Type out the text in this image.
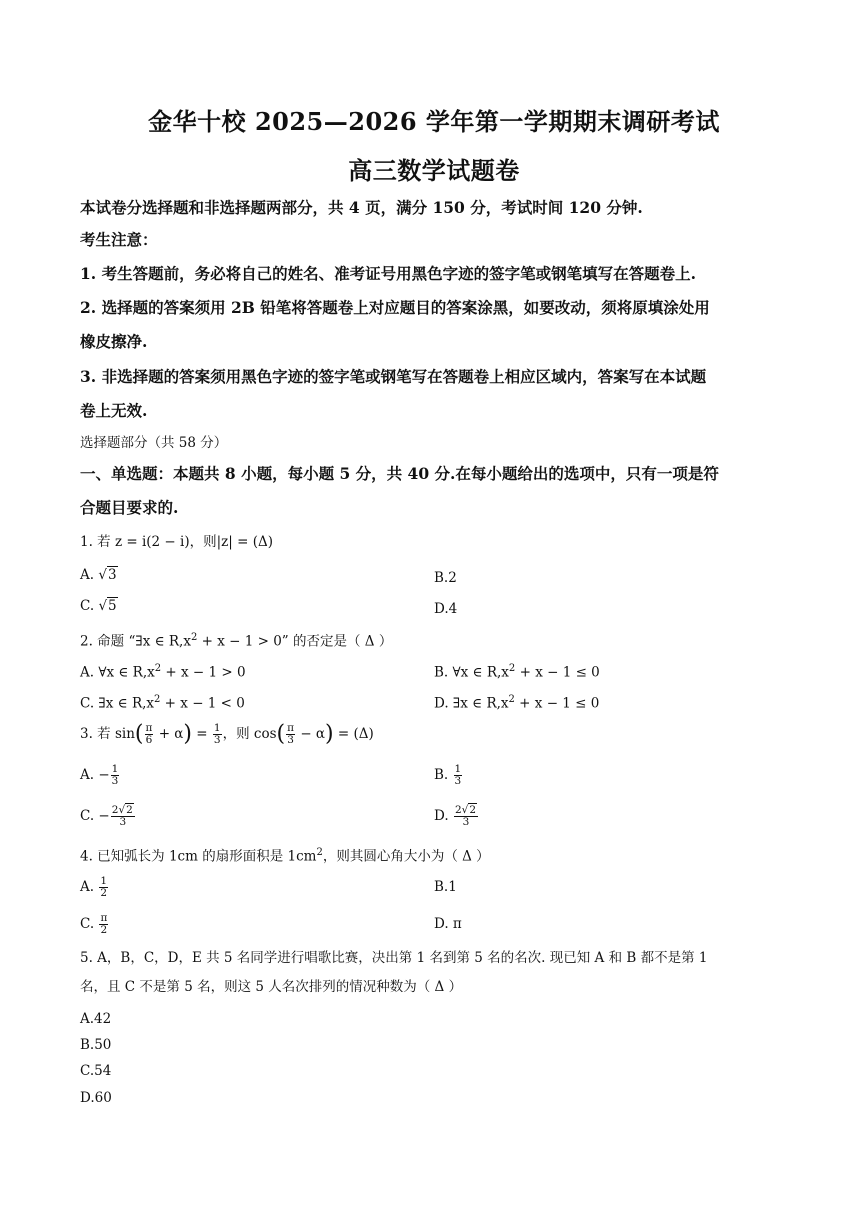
金华十校 2025—2026 学年第一学期期末调研考试
高三数学试题卷
本试卷分选择题和非选择题两部分，共 4 页，满分 150 分，考试时间 120 分钟.
考生注意：
1. 考生答题前，务必将自己的姓名、准考证号用黑色字迹的签字笔或钢笔填写在答题卷上.
2. 选择题的答案须用 2B 铅笔将答题卷上对应题目的答案涂黑，如要改动，须将原填涂处用
橡皮擦净.
3. 非选择题的答案须用黑色字迹的签字笔或钢笔写在答题卷上相应区域内，答案写在本试题
卷上无效.
选择题部分（共 58 分）
一、单选题：本题共 8 小题，每小题 5 分，共 40 分.在每小题给出的选项中，只有一项是符
合题目要求的.
1. 若 z = i(2 − i)，则|z| = (Δ)
A. √3	B.2
C. √5	D.4
2. 命题 “∃x ∈ $R,x^2 + x - 1 > 0$” 的否定是（ Δ ）
A. ∀x ∈ $R,x^2 + x - 1 > 0$	B. ∀x ∈ $R,x^2 + x - 1 \le 0$
C. ∃x ∈ $R,x^2 + x - 1 < 0$	D. ∃x ∈ $R,x^2 + x - 1 \le 0$
3. 若 $\sin( \frac{\pi}{6} + \alpha) = \frac{1}{3}$ ，则 $\cos( \frac{\pi}{3} - \alpha) = (\Delta)$
A. − $\frac{1}{3}$	B. $\frac{1}{3}$
C. − $\frac{2√2}{3}$	D. $\frac{2√2}{3}$
4. 已知弧长为 1cm 的扇形面积是 $1cm^2$，则其圆心角大小为（ Δ ）
A. $\frac{1}{2}$	B.1
C. $\frac{\pi}{2}$	D. π
5. A，B，C，D，E 共 5 名同学进行唱歌比赛，决出第 1 名到第 5 名的名次. 现已知 A 和 B 都不是第 1
名，且 C 不是第 5 名，则这 5 人名次排列的情况种数为（ Δ ）
A.42
B.50
C.54
D.60
